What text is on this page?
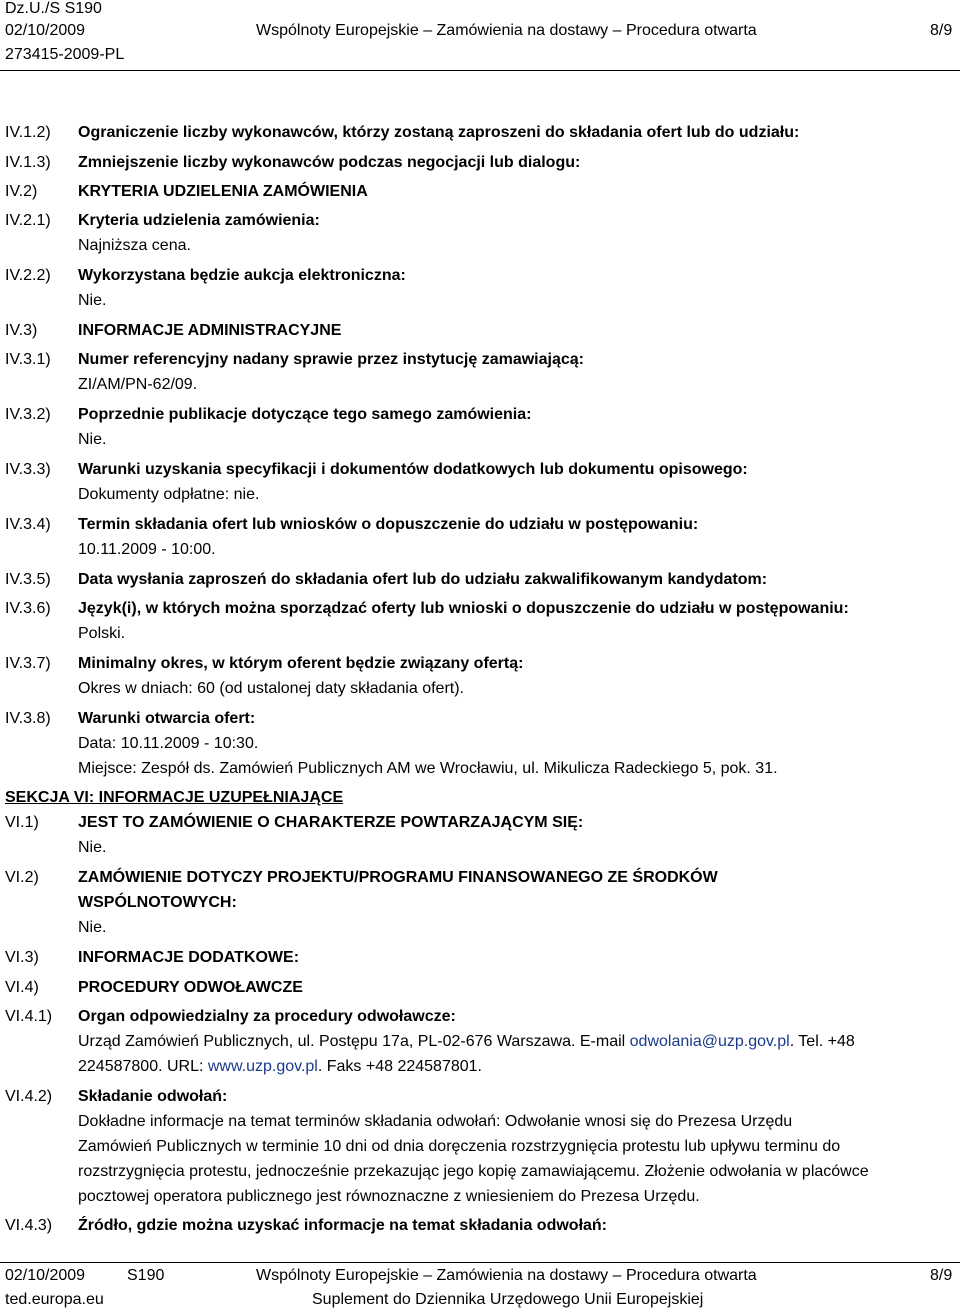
Dz.U./S S190
02/10/2009	Wspólnoty Europejskie – Zamówienia na dostawy – Procedura otwarta	8/9
273415-2009-PL
IV.1.2) Ograniczenie liczby wykonawców, którzy zostaną zaproszeni do składania ofert lub do udziału:
IV.1.3) Zmniejszenie liczby wykonawców podczas negocjacji lub dialogu:
IV.2)	KRYTERIA UDZIELENIA ZAMÓWIENIA
IV.2.1) Kryteria udzielenia zamówienia:
Najniższa cena.
IV.2.2) Wykorzystana będzie aukcja elektroniczna:
Nie.
IV.3)	INFORMACJE ADMINISTRACYJNE
IV.3.1) Numer referencyjny nadany sprawie przez instytucję zamawiającą:
ZI/AM/PN-62/09.
IV.3.2) Poprzednie publikacje dotyczące tego samego zamówienia:
Nie.
IV.3.3) Warunki uzyskania specyfikacji i dokumentów dodatkowych lub dokumentu opisowego:
Dokumenty odpłatne: nie.
IV.3.4) Termin składania ofert lub wniosków o dopuszczenie do udziału w postępowaniu:
10.11.2009 - 10:00.
IV.3.5) Data wysłania zaproszeń do składania ofert lub do udziału zakwalifikowanym kandydatom:
IV.3.6) Język(i), w których można sporządzać oferty lub wnioski o dopuszczenie do udziału w postępowaniu:
Polski.
IV.3.7) Minimalny okres, w którym oferent będzie związany ofertą:
Okres w dniach: 60 (od ustalonej daty składania ofert).
IV.3.8) Warunki otwarcia ofert:
Data: 10.11.2009 - 10:30.
Miejsce: Zespół ds. Zamówień Publicznych AM we Wrocławiu, ul. Mikulicza Radeckiego 5, pok. 31.
SEKCJA VI: INFORMACJE UZUPEŁNIAJĄCE
VI.1) JEST TO ZAMÓWIENIE O CHARAKTERZE POWTARZAJĄCYM SIĘ:
Nie.
VI.2) ZAMÓWIENIE DOTYCZY PROJEKTU/PROGRAMU FINANSOWANEGO ZE ŚRODKÓW
WSPÓLNOTOWYCH:
Nie.
VI.3) INFORMACJE DODATKOWE:
VI.4) PROCEDURY ODWOŁAWCZE
VI.4.1) Organ odpowiedzialny za procedury odwoławcze:
Urząd Zamówień Publicznych, ul. Postępu 17a, PL-02-676 Warszawa. E-mail odwolania@uzp.gov.pl. Tel. +48
224587800. URL: www.uzp.gov.pl. Faks +48 224587801.
VI.4.2) Składanie odwołań:
Dokładne informacje na temat terminów składania odwołań: Odwołanie wnosi się do Prezesa Urzędu
Zamówień Publicznych w terminie 10 dni od dnia doręczenia rozstrzygnięcia protestu lub upływu terminu do
rozstrzygnięcia protestu, jednocześnie przekazując jego kopię zamawiającemu. Złożenie odwołania w placówce
pocztowej operatora publicznego jest równoznaczne z wniesieniem do Prezesa Urzędu.
VI.4.3) Źródło, gdzie można uzyskać informacje na temat składania odwołań:
02/10/2009	S190	Wspólnoty Europejskie – Zamówienia na dostawy – Procedura otwarta	8/9
ted.europa.eu	Suplement do Dziennika Urzędowego Unii Europejskiej
